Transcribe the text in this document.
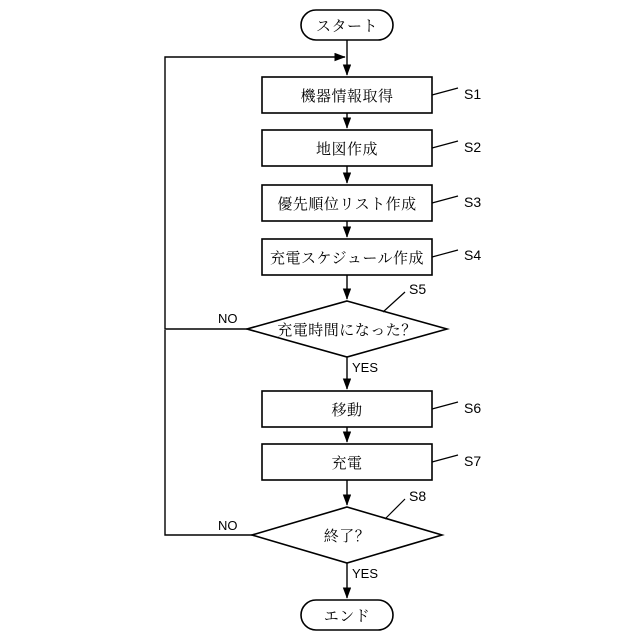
スタート
機器情報取得
地図作成
優先順位リスト作成
充電スケジュール作成
充電時間になった？
移動
充電
終了？
エンド
S1
S2
S3
S4
S5
S6
S7
S8
NO
YES
NO
YES
